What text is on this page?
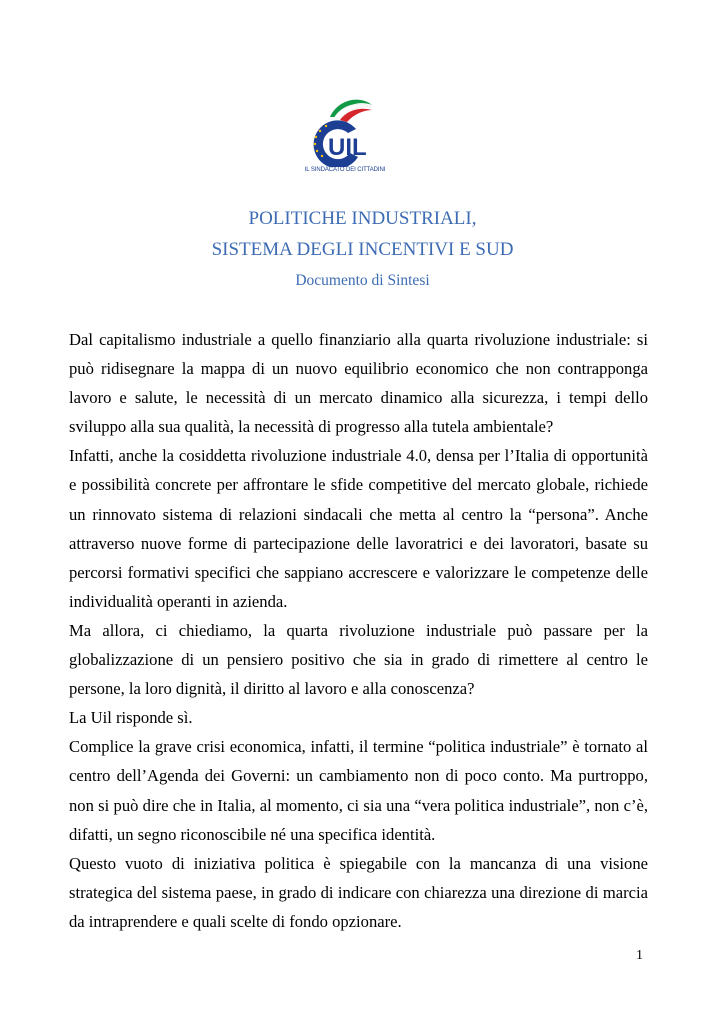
UIL
IL SINDACATO DEI CITTADINI

POLITICHE INDUSTRIALI,

SISTEMA DEGLI INCENTIVI E SUD

Documento di Sintesi

Dal capitalismo industriale a quello finanziario alla quarta rivoluzione industriale: si può ridisegnare la mappa di un nuovo equilibrio economico che non contrapponga lavoro e salute, le necessità di un mercato dinamico alla sicurezza, i tempi dello sviluppo alla sua qualità, la necessità di progresso alla tutela ambientale?

Infatti, anche la cosiddetta rivoluzione industriale 4.0, densa per l’Italia di opportunità e possibilità concrete per affrontare le sfide competitive del mercato globale, richiede un rinnovato sistema di relazioni sindacali che metta al centro la “persona”. Anche attraverso nuove forme di partecipazione delle lavoratrici e dei lavoratori, basate su percorsi formativi specifici che sappiano accrescere e valorizzare le competenze delle individualità operanti in azienda.

Ma allora, ci chiediamo, la quarta rivoluzione industriale può passare per la globalizzazione di un pensiero positivo che sia in grado di rimettere al centro le persone, la loro dignità, il diritto al lavoro e alla conoscenza?

La Uil risponde sì.

Complice la grave crisi economica, infatti, il termine “politica industriale” è tornato al centro dell’Agenda dei Governi: un cambiamento non di poco conto. Ma purtroppo, non si può dire che in Italia, al momento, ci sia una “vera politica industriale”, non c’è, difatti, un segno riconoscibile né una specifica identità.

Questo vuoto di iniziativa politica è spiegabile con la mancanza di una visione strategica del sistema paese, in grado di indicare con chiarezza una direzione di marcia da intraprendere e quali scelte di fondo opzionare.

1
